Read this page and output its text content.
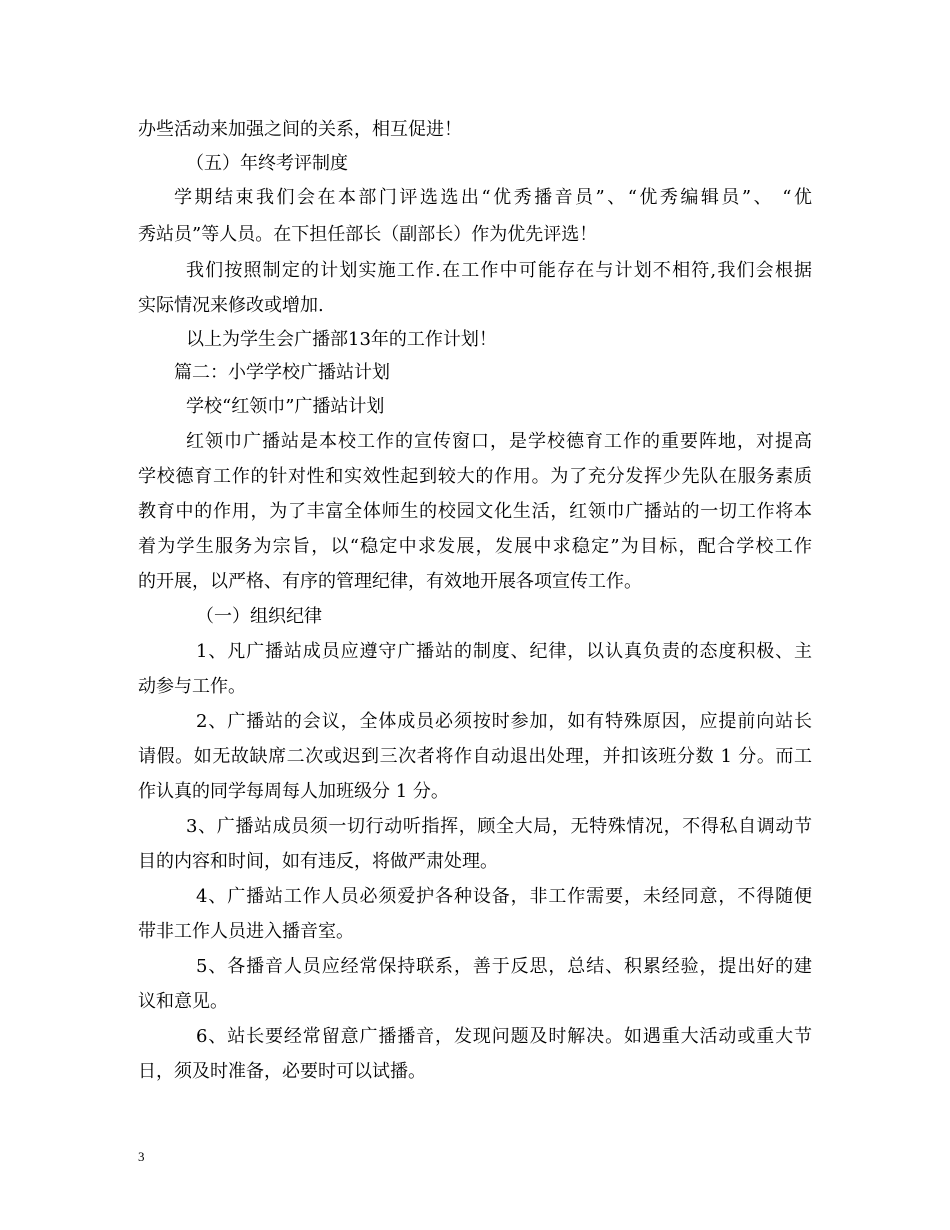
办些活动来加强之间的关系，相互促进！
（五）年终考评制度
学期结束我们会在本部门评选选出“优秀播音员”、“优秀编辑员”、 “优
秀站员”等人员。在下担任部长（副部长）作为优先评选！
我们按照制定的计划实施工作.在工作中可能存在与计划不相符,我们会根据
实际情况来修改或增加.
以上为学生会广播部13年的工作计划！
篇二：小学学校广播站计划
学校“红领巾”广播站计划
红领巾广播站是本校工作的宣传窗口，是学校德育工作的重要阵地，对提高
学校德育工作的针对性和实效性起到较大的作用。为了充分发挥少先队在服务素质
教育中的作用，为了丰富全体师生的校园文化生活，红领巾广播站的一切工作将本
着为学生服务为宗旨，以“稳定中求发展，发展中求稳定”为目标，配合学校工作
的开展，以严格、有序的管理纪律，有效地开展各项宣传工作。
（一）组织纪律
1、凡广播站成员应遵守广播站的制度、纪律，以认真负责的态度积极、主
动参与工作。
2、广播站的会议，全体成员必须按时参加，如有特殊原因，应提前向站长
请假。如无故缺席二次或迟到三次者将作自动退出处理，并扣该班分数 1 分。而工
作认真的同学每周每人加班级分 1 分。
3、广播站成员须一切行动听指挥，顾全大局，无特殊情况，不得私自调动节
目的内容和时间，如有违反，将做严肃处理。
4、广播站工作人员必须爱护各种设备，非工作需要，未经同意，不得随便
带非工作人员进入播音室。
5、各播音人员应经常保持联系，善于反思，总结、积累经验，提出好的建
议和意见。
6、站长要经常留意广播播音，发现问题及时解决。如遇重大活动或重大节
日，须及时准备，必要时可以试播。
3
